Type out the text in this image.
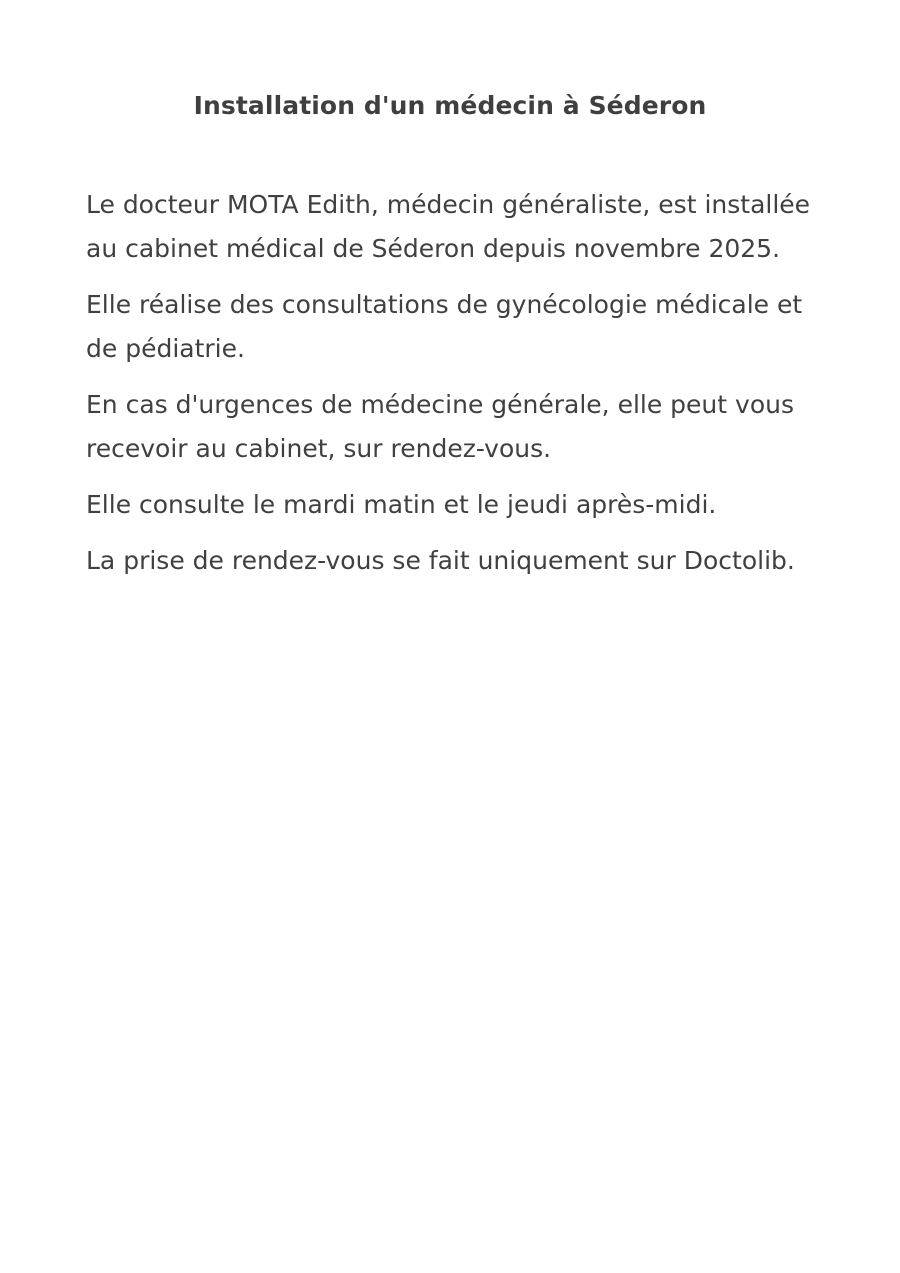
Installation d'un médecin à Séderon

Le docteur MOTA Edith, médecin généraliste, est installée au cabinet médical de Séderon depuis novembre 2025.

Elle réalise des consultations de gynécologie médicale et de pédiatrie.

En cas d'urgences de médecine générale, elle peut vous recevoir au cabinet, sur rendez-vous.

Elle consulte le mardi matin et le jeudi après-midi.

La prise de rendez-vous se fait uniquement sur Doctolib.
